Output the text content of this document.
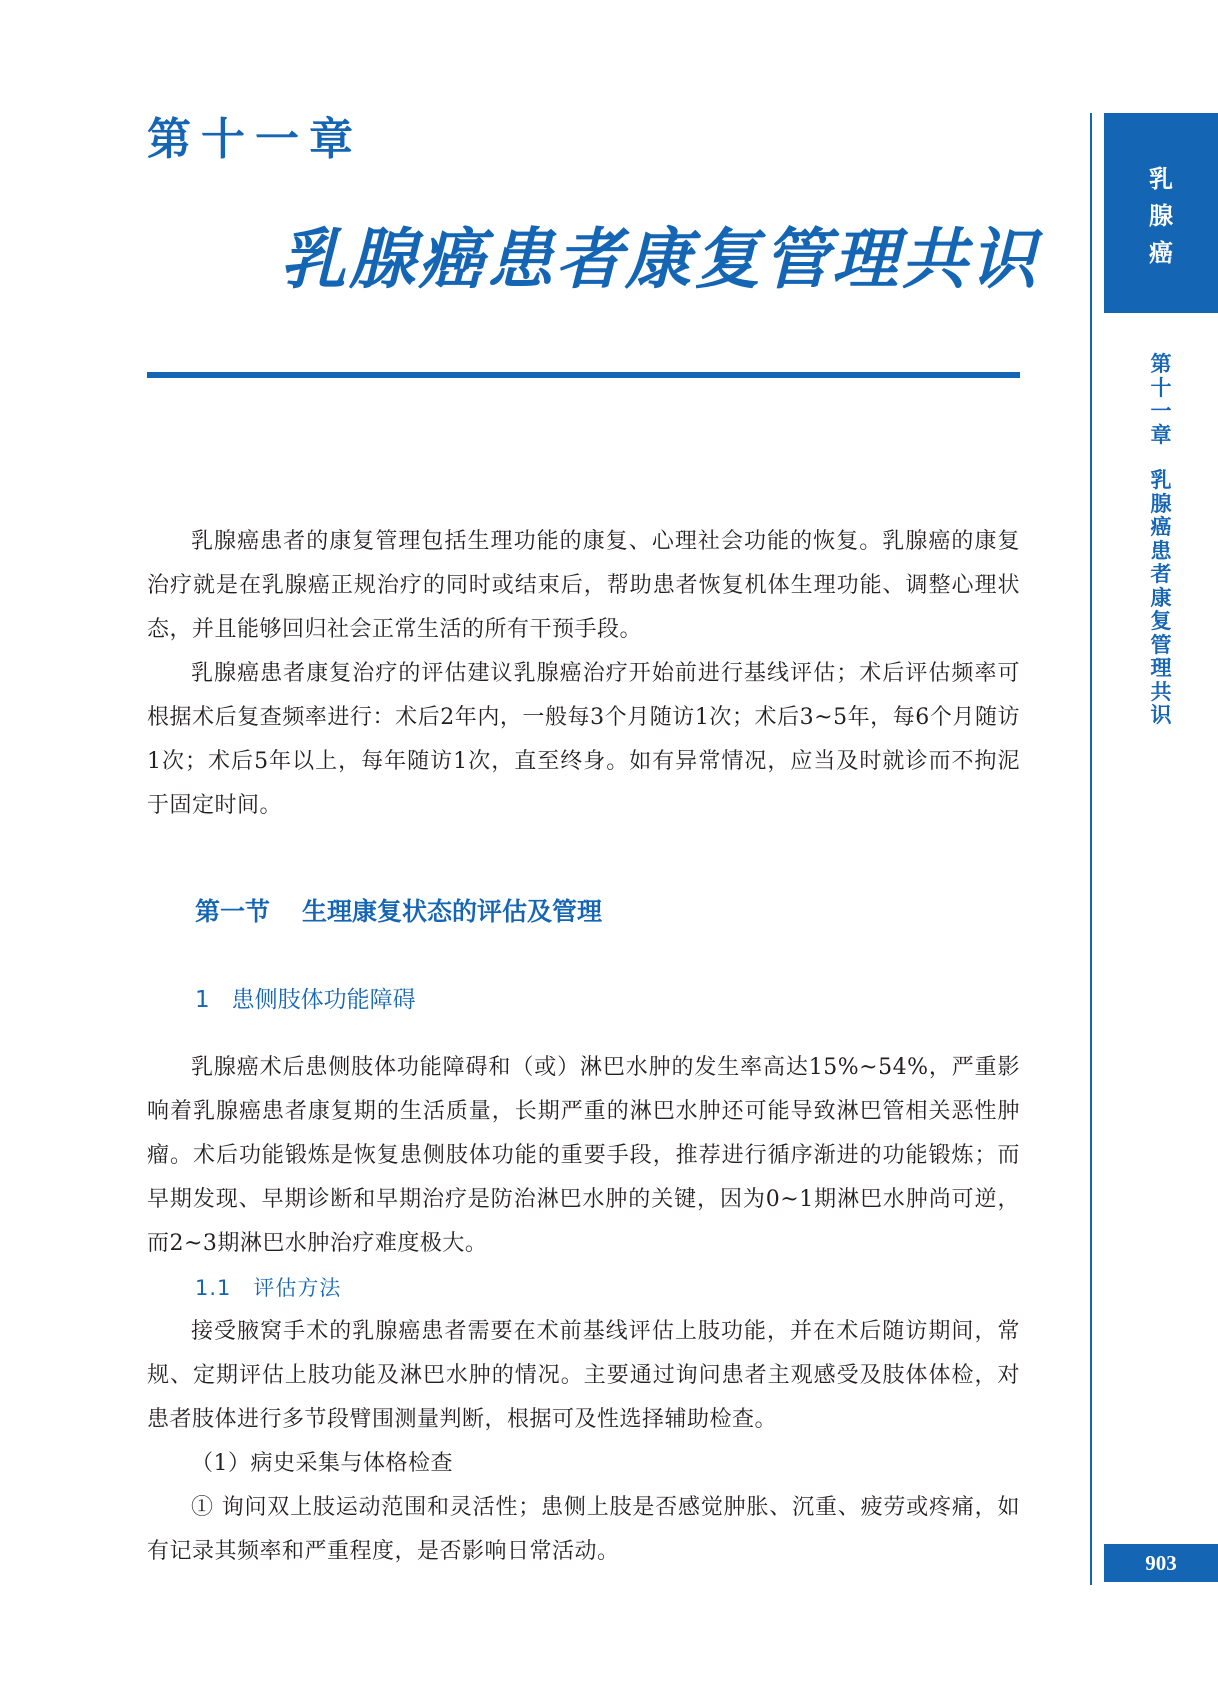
第十一章
乳腺癌患者康复管理共识

乳腺癌患者的康复管理包括生理功能的康复、心理社会功能的恢复。乳腺癌的康复治疗就是在乳腺癌正规治疗的同时或结束后，帮助患者恢复机体生理功能、调整心理状态，并且能够回归社会正常生活的所有干预手段。

乳腺癌患者康复治疗的评估建议乳腺癌治疗开始前进行基线评估；术后评估频率可根据术后复查频率进行：术后2年内，一般每3个月随访1次；术后3~5年，每6个月随访1次；术后5年以上，每年随访1次，直至终身。如有异常情况，应当及时就诊而不拘泥于固定时间。

第一节 生理康复状态的评估及管理
1 患侧肢体功能障碍

乳腺癌术后患侧肢体功能障碍和（或）淋巴水肿的发生率高达15%~54%，严重影响着乳腺癌患者康复期的生活质量，长期严重的淋巴水肿还可能导致淋巴管相关恶性肿瘤。术后功能锻炼是恢复患侧肢体功能的重要手段，推荐进行循序渐进的功能锻炼；而早期发现、早期诊断和早期治疗是防治淋巴水肿的关键，因为0~1期淋巴水肿尚可逆，而2~3期淋巴水肿治疗难度极大。

1.1 评估方法

接受腋窝手术的乳腺癌患者需要在术前基线评估上肢功能，并在术后随访期间，常规、定期评估上肢功能及淋巴水肿的情况。主要通过询问患者主观感受及肢体体检，对患者肢体进行多节段臂围测量判断，根据可及性选择辅助检查。

（1）病史采集与体格检查

① 询问双上肢运动范围和灵活性；患侧上肢是否感觉肿胀、沉重、疲劳或疼痛，如有记录其频率和严重程度，是否影响日常活动。

乳
腺
癌
第
十
一
章
乳
腺
癌
患
者
康
复
管
理
共
识
903
